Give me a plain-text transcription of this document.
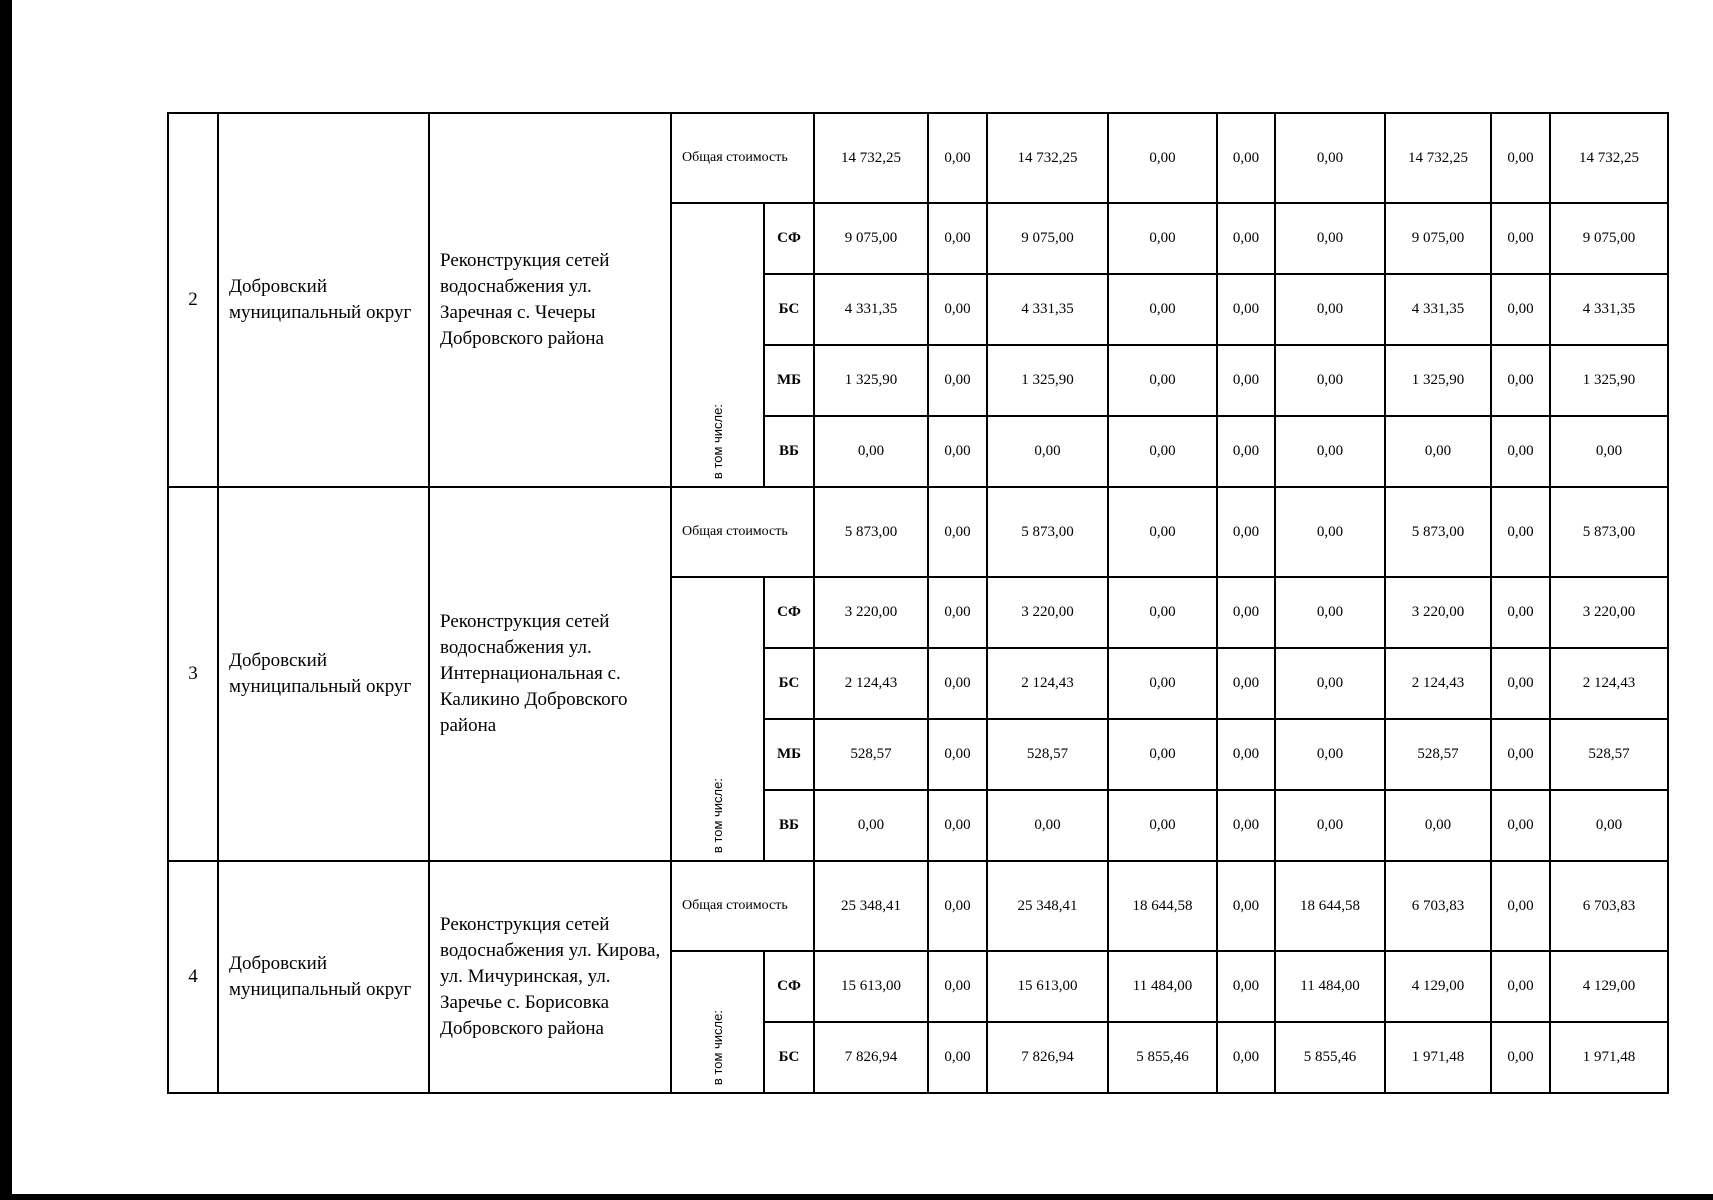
2	Добровский муниципальный округ	Реконструкция сетей водоснабжения ул. Заречная с. Чечеры Добровского района	Общая стоимость		14 732,25	0,00	14 732,25	0,00	0,00	0,00	14 732,25	0,00	14 732,25
			в том числе:	СФ	9 075,00	0,00	9 075,00	0,00	0,00	0,00	9 075,00	0,00	9 075,00
				БС	4 331,35	0,00	4 331,35	0,00	0,00	0,00	4 331,35	0,00	4 331,35
				МБ	1 325,90	0,00	1 325,90	0,00	0,00	0,00	1 325,90	0,00	1 325,90
				ВБ	0,00	0,00	0,00	0,00	0,00	0,00	0,00	0,00	0,00
3	Добровский муниципальный округ	Реконструкция сетей водоснабжения ул. Интернациональная с. Каликино Добровского района	Общая стоимость		5 873,00	0,00	5 873,00	0,00	0,00	0,00	5 873,00	0,00	5 873,00
			в том числе:	СФ	3 220,00	0,00	3 220,00	0,00	0,00	0,00	3 220,00	0,00	3 220,00
				БС	2 124,43	0,00	2 124,43	0,00	0,00	0,00	2 124,43	0,00	2 124,43
				МБ	528,57	0,00	528,57	0,00	0,00	0,00	528,57	0,00	528,57
				ВБ	0,00	0,00	0,00	0,00	0,00	0,00	0,00	0,00	0,00
4	Добровский муниципальный округ	Реконструкция сетей водоснабжения ул. Кирова, ул. Мичуринская, ул. Заречье с. Борисовка Добровского района	Общая стоимость		25 348,41	0,00	25 348,41	18 644,58	0,00	18 644,58	6 703,83	0,00	6 703,83
			в том числе:	СФ	15 613,00	0,00	15 613,00	11 484,00	0,00	11 484,00	4 129,00	0,00	4 129,00
				БС	7 826,94	0,00	7 826,94	5 855,46	0,00	5 855,46	1 971,48	0,00	1 971,48
